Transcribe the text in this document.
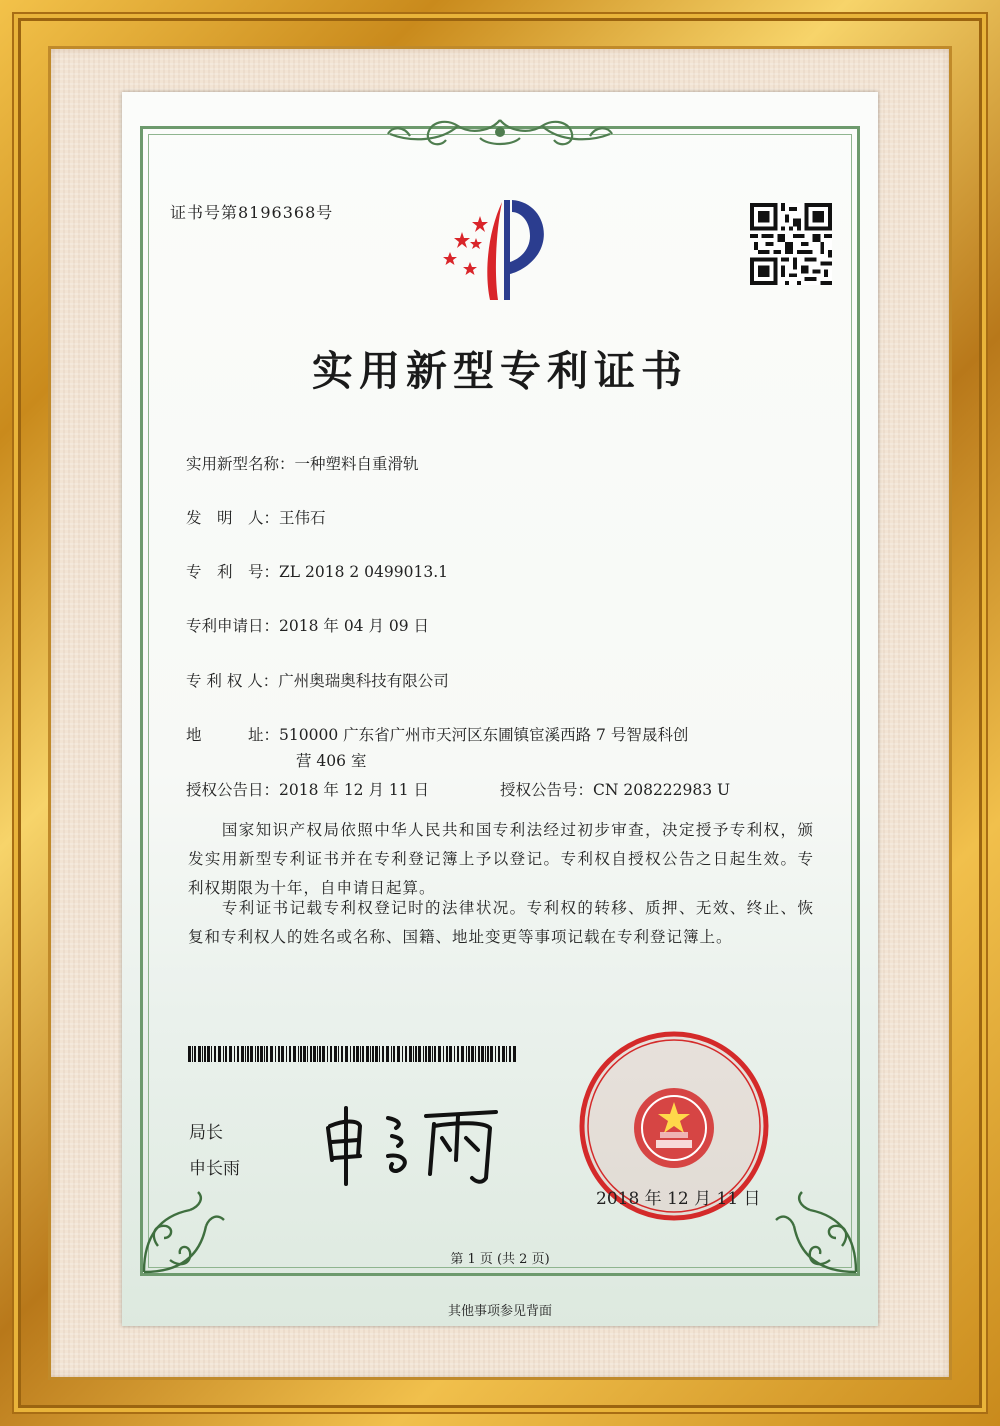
证书号第8196368号
实用新型专利证书
实用新型名称：一种塑料自重滑轨
发　明　人：王伟石
专　利　号：ZL 2018 2 0499013.1
专利申请日：2018 年 04 月 09 日
专 利 权 人：广州奥瑞奥科技有限公司
地　　　址：510000 广东省广州市天河区东圃镇宦溪西路 7 号智晟科创
营 406 室
授权公告日：2018 年 12 月 11 日	授权公告号：CN 208222983 U
　　国家知识产权局依照中华人民共和国专利法经过初步审查，决定授予专利权，颁发实用新型专利证书并在专利登记簿上予以登记。专利权自授权公告之日起生效。专利权期限为十年，自申请日起算。
　　专利证书记载专利权登记时的法律状况。专利权的转移、质押、无效、终止、恢复和专利权人的姓名或名称、国籍、地址变更等事项记载在专利登记簿上。
局长
申长雨
2018 年 12 月 11 日
第 1 页 (共 2 页)
其他事项参见背面
